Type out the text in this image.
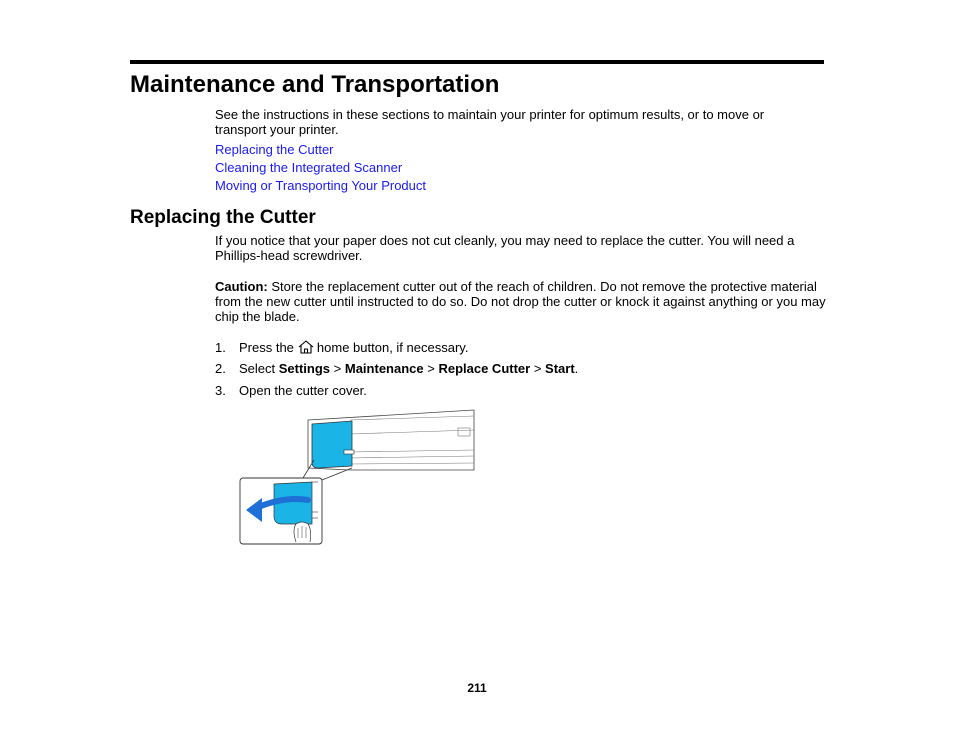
Maintenance and Transportation

See the instructions in these sections to maintain your printer for optimum results, or to move or transport your printer.

Replacing the Cutter
Cleaning the Integrated Scanner
Moving or Transporting Your Product
Replacing the Cutter

If you notice that your paper does not cut cleanly, you may need to replace the cutter. You will need a Phillips-head screwdriver.

Caution: Store the replacement cutter out of the reach of children. Do not remove the protective material from the new cutter until instructed to do so. Do not drop the cutter or knock it against anything or you may chip the blade.

1. Press the home button, if necessary.
2. Select Settings > Maintenance > Replace Cutter > Start.
3. Open the cutter cover.
211
